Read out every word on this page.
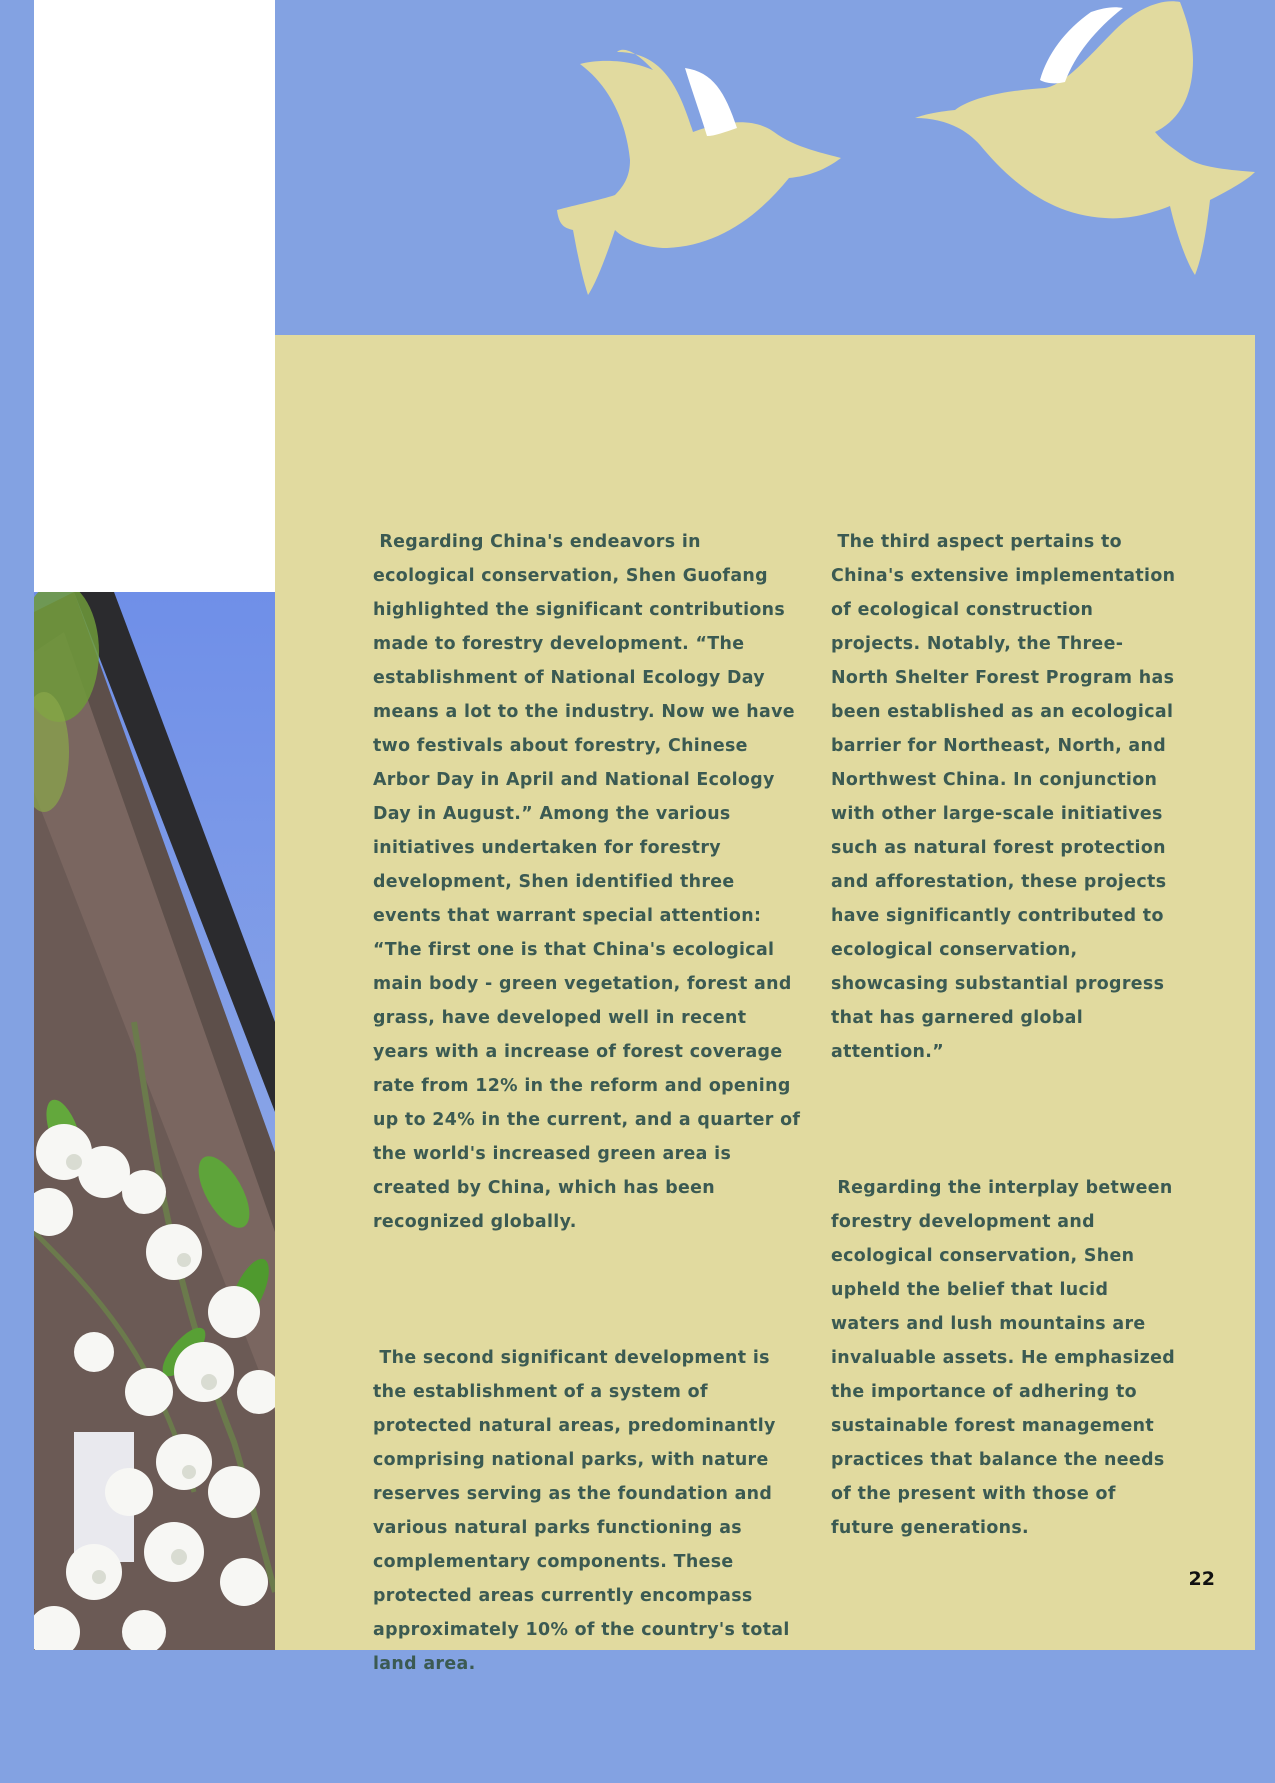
Regarding China's endeavors in ecological conservation, Shen Guofang highlighted the significant contributions made to forestry development. “The establishment of National Ecology Day means a lot to the industry. Now we have two festivals about forestry, Chinese Arbor Day in April and National Ecology Day in August.” Among the various initiatives undertaken for forestry development, Shen identified three events that warrant special attention: “The first one is that China's ecological main body - green vegetation, forest and grass, have developed well in recent years with a increase of forest coverage rate from 12% in the reform and opening up to 24% in the current, and a quarter of the world's increased green area is created by China, which has been recognized globally.

The second significant development is the establishment of a system of protected natural areas, predominantly comprising national parks, with nature reserves serving as the foundation and various natural parks functioning as complementary components. These protected areas currently encompass approximately 10% of the country's total land area.

The third aspect pertains to China's extensive implementation of ecological construction projects. Notably, the Three-North Shelter Forest Program has been established as an ecological barrier for Northeast, North, and Northwest China. In conjunction with other large-scale initiatives such as natural forest protection and afforestation, these projects have significantly contributed to ecological conservation, showcasing substantial progress that has garnered global attention.”

Regarding the interplay between forestry development and ecological conservation, Shen upheld the belief that lucid waters and lush mountains are invaluable assets. He emphasized the importance of adhering to sustainable forest management practices that balance the needs of the present with those of future generations.

22
